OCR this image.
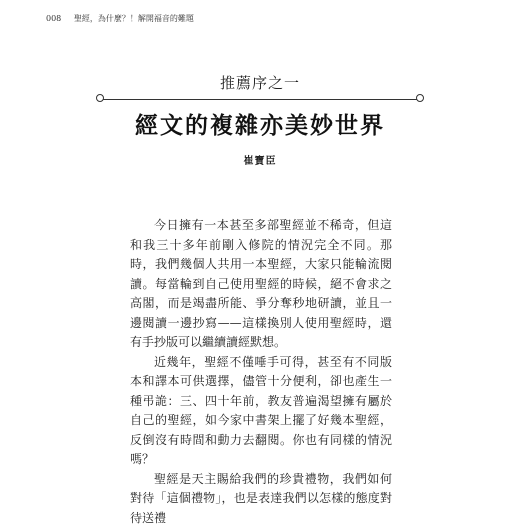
008 聖經，為什麼？！解開福音的難題
推薦序之一
經文的複雜亦美妙世界
崔寶臣

今日擁有一本甚至多部聖經並不稀奇，但這和我三十多年前剛入修院的情況完全不同。那時，我們幾個人共用一本聖經，大家只能輪流閱讀。每當輪到自己使用聖經的時候，絕不會求之高閣，而是竭盡所能、爭分奪秒地研讀，並且一邊閱讀一邊抄寫——這樣換別人使用聖經時，還有手抄版可以繼續讀經默想。

近幾年，聖經不僅唾手可得，甚至有不同版本和譯本可供選擇，儘管十分便利，卻也產生一種弔詭：三、四十年前，教友普遍渴望擁有屬於自己的聖經，如今家中書架上擺了好幾本聖經，反倒沒有時間和動力去翻閱。你也有同樣的情況嗎？

聖經是天主賜給我們的珍貴禮物，我們如何對待「這個禮物」，也是表達我們以怎樣的態度對待送禮
